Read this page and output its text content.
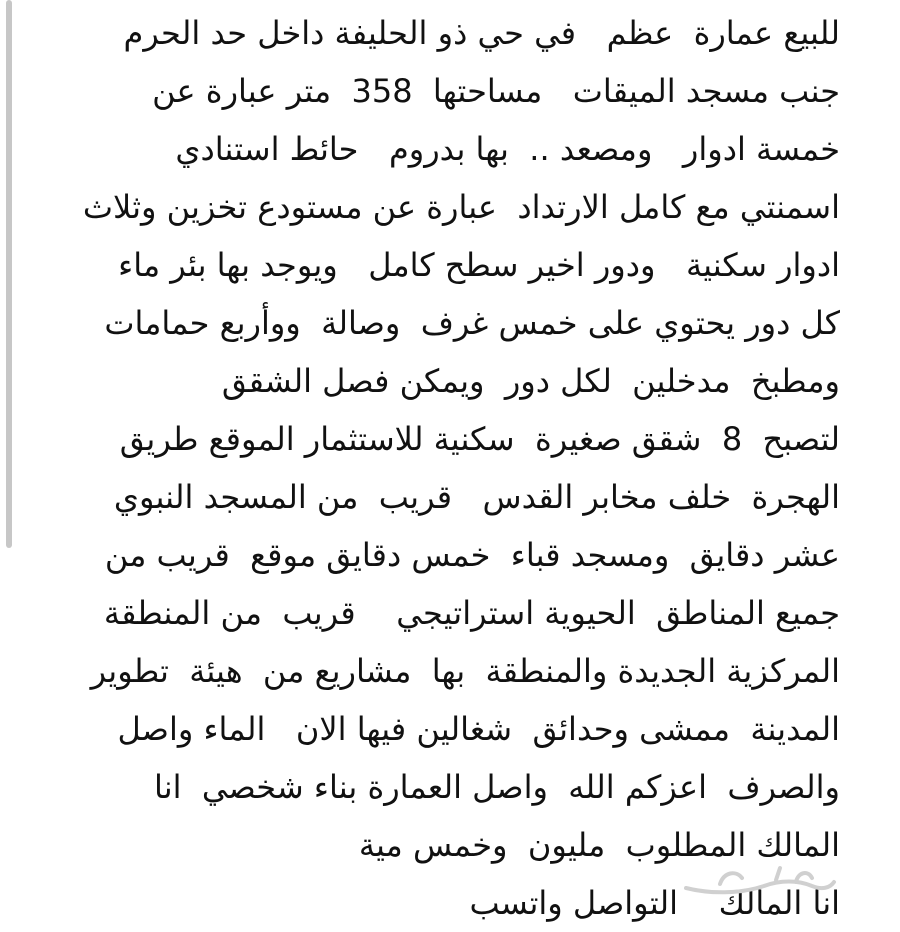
للبيع عمارة  عظم   في حي ذو الحليفة داخل حد الحرم
جنب مسجد الميقات   مساحتها  358  متر عبارة عن
خمسة ادوار   ومصعد ..  بها بدروم   حائط استنادي
اسمنتي مع كامل الارتداد  عبارة عن مستودع تخزين وثلاث
ادوار سكنية   ودور اخير سطح كامل   ويوجد بها بئر ماء
كل دور يحتوي على خمس غرف  وصالة  ووأربع حمامات
ومطبخ  مدخلين  لكل دور  ويمكن فصل الشقق
لتصبح  8  شقق صغيرة  سكنية للاستثمار الموقع طريق
الهجرة  خلف مخابر القدس   قريب  من المسجد النبوي
عشر دقايق  ومسجد قباء  خمس دقايق موقع  قريب من
جميع المناطق  الحيوية استراتيجي    قريب  من المنطقة
المركزية الجديدة والمنطقة  بها  مشاريع من  هيئة  تطوير
المدينة  ممشى وحدائق  شغالين فيها الان   الماء واصل
والصرف  اعزكم الله  واصل العمارة بناء شخصي  انا
المالك المطلوب  مليون  وخمس مية
انا المالك    التواصل واتسب
